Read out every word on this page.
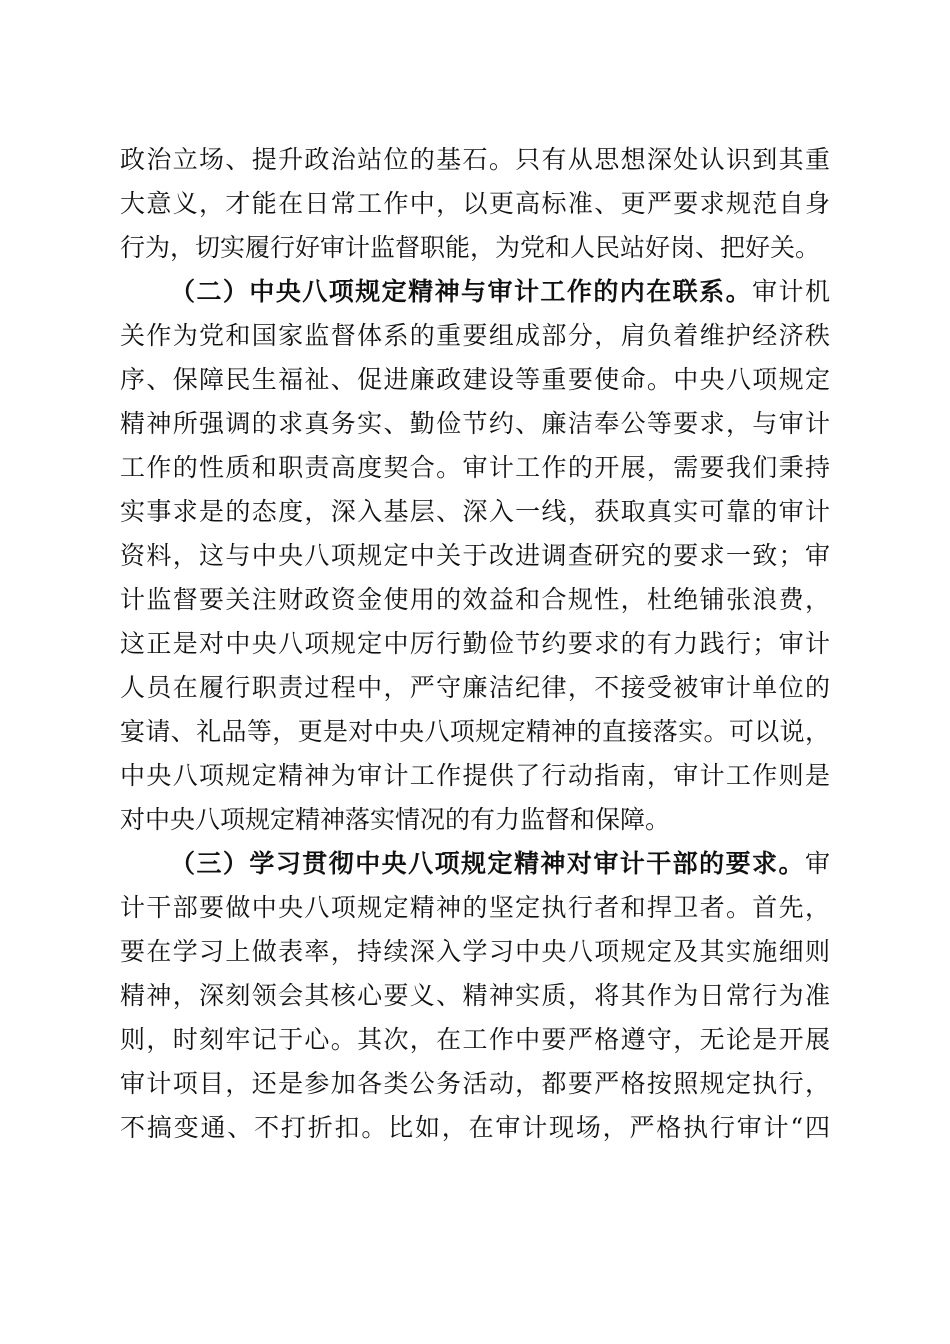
政治立场、提升政治站位的基石。只有从思想深处认识到其重
大意义，才能在日常工作中，以更高标准、更严要求规范自身
行为，切实履行好审计监督职能，为党和人民站好岗、把好关。
（二）中央八项规定精神与审计工作的内在联系。审计机
关作为党和国家监督体系的重要组成部分，肩负着维护经济秩
序、保障民生福祉、促进廉政建设等重要使命。中央八项规定
精神所强调的求真务实、勤俭节约、廉洁奉公等要求，与审计
工作的性质和职责高度契合。审计工作的开展，需要我们秉持
实事求是的态度，深入基层、深入一线，获取真实可靠的审计
资料，这与中央八项规定中关于改进调查研究的要求一致；审
计监督要关注财政资金使用的效益和合规性，杜绝铺张浪费，
这正是对中央八项规定中厉行勤俭节约要求的有力践行；审计
人员在履行职责过程中，严守廉洁纪律，不接受被审计单位的
宴请、礼品等，更是对中央八项规定精神的直接落实。可以说，
中央八项规定精神为审计工作提供了行动指南，审计工作则是
对中央八项规定精神落实情况的有力监督和保障。
（三）学习贯彻中央八项规定精神对审计干部的要求。审
计干部要做中央八项规定精神的坚定执行者和捍卫者。首先，
要在学习上做表率，持续深入学习中央八项规定及其实施细则
精神，深刻领会其核心要义、精神实质，将其作为日常行为准
则，时刻牢记于心。其次，在工作中要严格遵守，无论是开展
审计项目，还是参加各类公务活动，都要严格按照规定执行，
不搞变通、不打折扣。比如，在审计现场，严格执行审计“四
